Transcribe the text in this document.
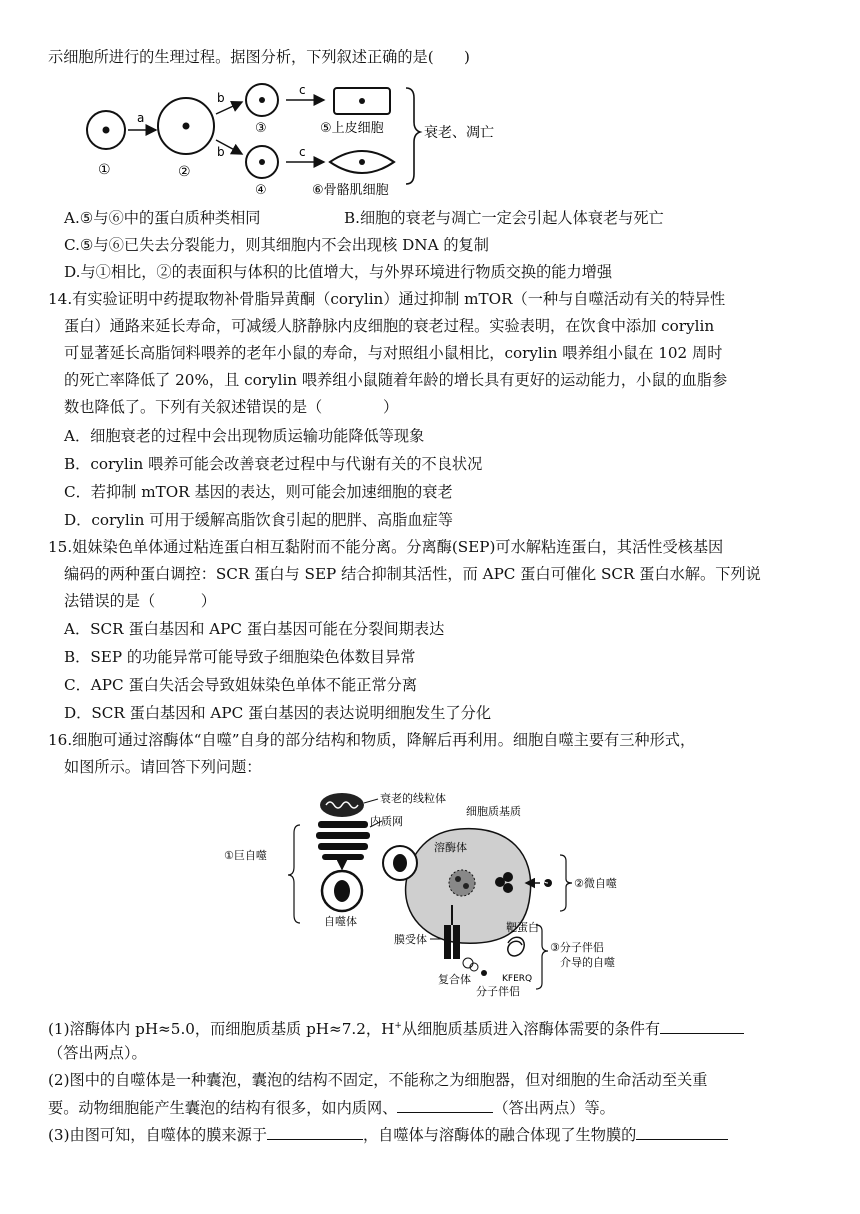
示细胞所进行的生理过程。据图分析，下列叙述正确的是(　　)
①
a
②
b
b
③
④
c
c
⑤上皮细胞
⑥骨骼肌细胞
衰老、凋亡
A.⑤与⑥中的蛋白质种类相同	B.细胞的衰老与凋亡一定会引起人体衰老与死亡
C.⑤与⑥已失去分裂能力，则其细胞内不会出现核 DNA 的复制
D.与①相比，②的表面积与体积的比值增大，与外界环境进行物质交换的能力增强
14.有实验证明中药提取物补骨脂异黄酮（corylin）通过抑制 mTOR（一种与自噬活动有关的特异性
蛋白）通路来延长寿命，可减缓人脐静脉内皮细胞的衰老过程。实验表明，在饮食中添加 corylin
可显著延长高脂饲料喂养的老年小鼠的寿命，与对照组小鼠相比，corylin 喂养组小鼠在 102 周时
的死亡率降低了 20%，且 corylin 喂养组小鼠随着年龄的增长具有更好的运动能力，小鼠的血脂参
数也降低了。下列有关叙述错误的是（　　　　）
A．细胞衰老的过程中会出现物质运输功能降低等现象
B．corylin 喂养可能会改善衰老过程中与代谢有关的不良状况
C．若抑制 mTOR 基因的表达，则可能会加速细胞的衰老
D．corylin 可用于缓解高脂饮食引起的肥胖、高脂血症等
15.姐妹染色单体通过粘连蛋白相互黏附而不能分离。分离酶(SEP)可水解粘连蛋白，其活性受核基因
编码的两种蛋白调控：SCR 蛋白与 SEP 结合抑制其活性，而 APC 蛋白可催化 SCR 蛋白水解。下列说
法错误的是（　　　）
A．SCR 蛋白基因和 APC 蛋白基因可能在分裂间期表达
B．SEP 的功能异常可能导致子细胞染色体数目异常
C．APC 蛋白失活会导致姐妹染色单体不能正常分离
D．SCR 蛋白基因和 APC 蛋白基因的表达说明细胞发生了分化
16.细胞可通过溶酶体“自噬”自身的部分结构和物质，降解后再利用。细胞自噬主要有三种形式，
如图所示。请回答下列问题：
衰老的线粒体
内质网
细胞质基质
自噬体
①巨自噬
溶酶体
②微自噬
膜受体
复合体
靶蛋白
KFERQ
分子伴侣
③分子伴侣
介导的自噬
(1)溶酶体内 pH≈5.0，而细胞质基质 pH≈7.2，H+从细胞质基质进入溶酶体需要的条件有
（答出两点）。
(2)图中的自噬体是一种囊泡，囊泡的结构不固定，不能称之为细胞器，但对细胞的生命活动至关重
要。动物细胞能产生囊泡的结构有很多，如内质网、	（答出两点）等。
(3)由图可知，自噬体的膜来源于	，自噬体与溶酶体的融合体现了生物膜的
